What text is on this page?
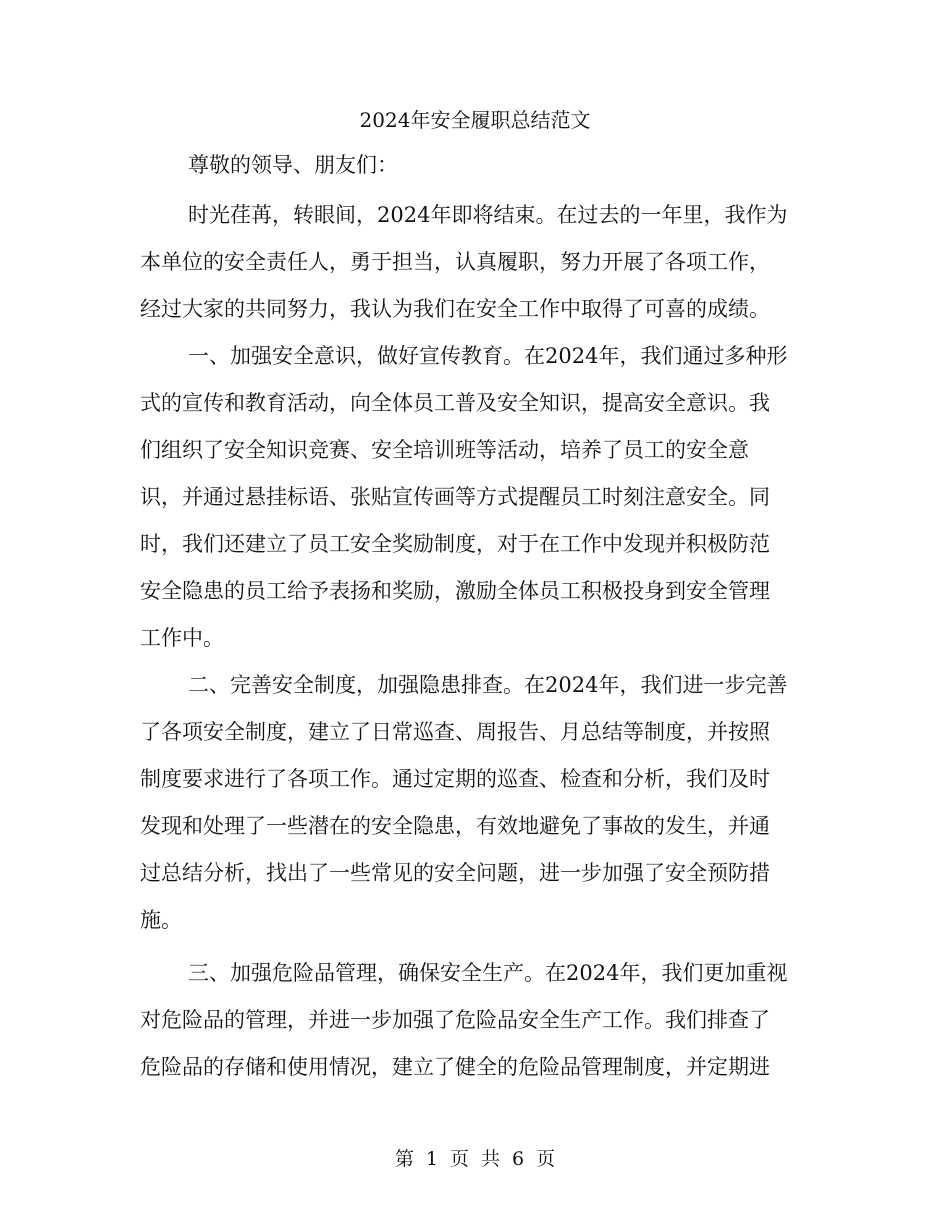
2024年安全履职总结范文
尊敬的领导、朋友们：
时光荏苒，转眼间，2024年即将结束。在过去的一年里，我作为
本单位的安全责任人，勇于担当，认真履职，努力开展了各项工作，
经过大家的共同努力，我认为我们在安全工作中取得了可喜的成绩。
一、加强安全意识，做好宣传教育。在2024年，我们通过多种形
式的宣传和教育活动，向全体员工普及安全知识，提高安全意识。我
们组织了安全知识竞赛、安全培训班等活动，培养了员工的安全意
识，并通过悬挂标语、张贴宣传画等方式提醒员工时刻注意安全。同
时，我们还建立了员工安全奖励制度，对于在工作中发现并积极防范
安全隐患的员工给予表扬和奖励，激励全体员工积极投身到安全管理
工作中。
二、完善安全制度，加强隐患排查。在2024年，我们进一步完善
了各项安全制度，建立了日常巡查、周报告、月总结等制度，并按照
制度要求进行了各项工作。通过定期的巡查、检查和分析，我们及时
发现和处理了一些潜在的安全隐患，有效地避免了事故的发生，并通
过总结分析，找出了一些常见的安全问题，进一步加强了安全预防措
施。
三、加强危险品管理，确保安全生产。在2024年，我们更加重视
对危险品的管理，并进一步加强了危险品安全生产工作。我们排查了
危险品的存储和使用情况，建立了健全的危险品管理制度，并定期进
第 1 页 共 6 页
